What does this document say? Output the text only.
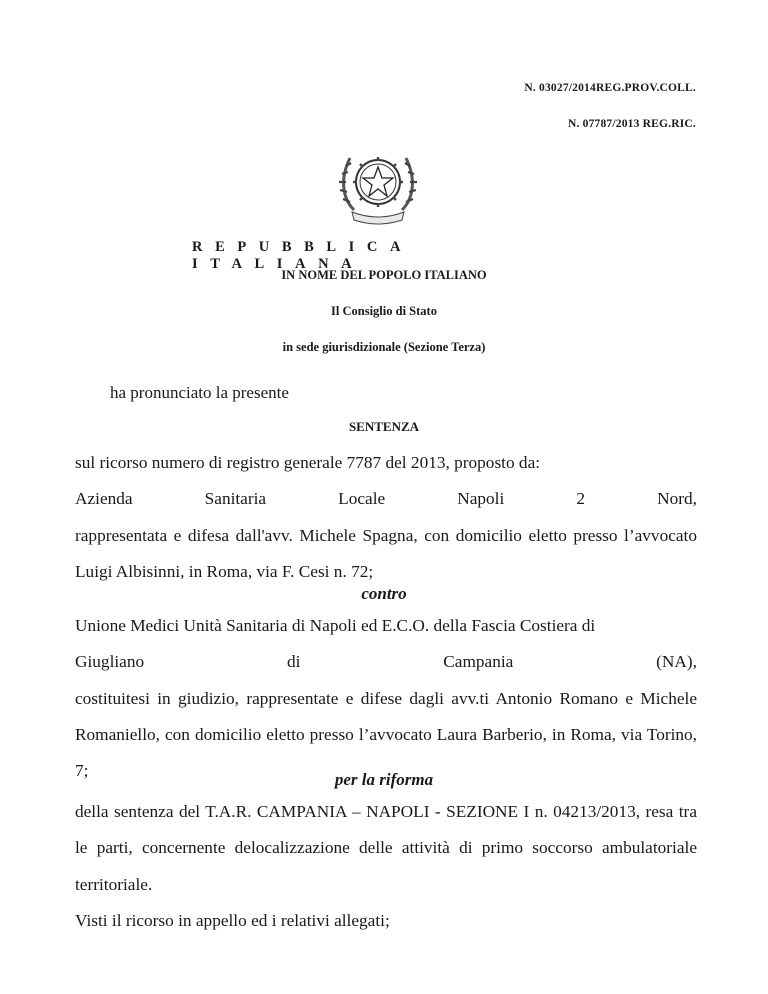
N. 03027/2014REG.PROV.COLL.
N. 07787/2013 REG.RIC.
REPUBBLICA ITALIANA
IN NOME DEL POPOLO ITALIANO
Il Consiglio di Stato
in sede giurisdizionale (Sezione Terza)
ha pronunciato la presente
SENTENZA
sul ricorso numero di registro generale 7787 del 2013, proposto da:
Azienda	Sanitaria	Locale	Napoli	2	Nord,
rappresentata e difesa dall'avv. Michele Spagna, con domicilio eletto presso l’avvocato Luigi Albisinni, in Roma, via F. Cesi n. 72;
contro
Unione Medici Unità Sanitaria di Napoli ed E.C.O. della Fascia Costiera di
Giugliano	di	Campania	(NA),
costituitesi in giudizio, rappresentate e difese dagli avv.ti Antonio Romano e Michele Romaniello, con domicilio eletto presso l’avvocato Laura Barberio, in Roma, via Torino, 7;	per la riforma
della sentenza del T.A.R. CAMPANIA – NAPOLI - SEZIONE I n. 04213/2013, resa tra le parti, concernente delocalizzazione delle attività di primo soccorso ambulatoriale territoriale.
Visti il ricorso in appello ed i relativi allegati;
